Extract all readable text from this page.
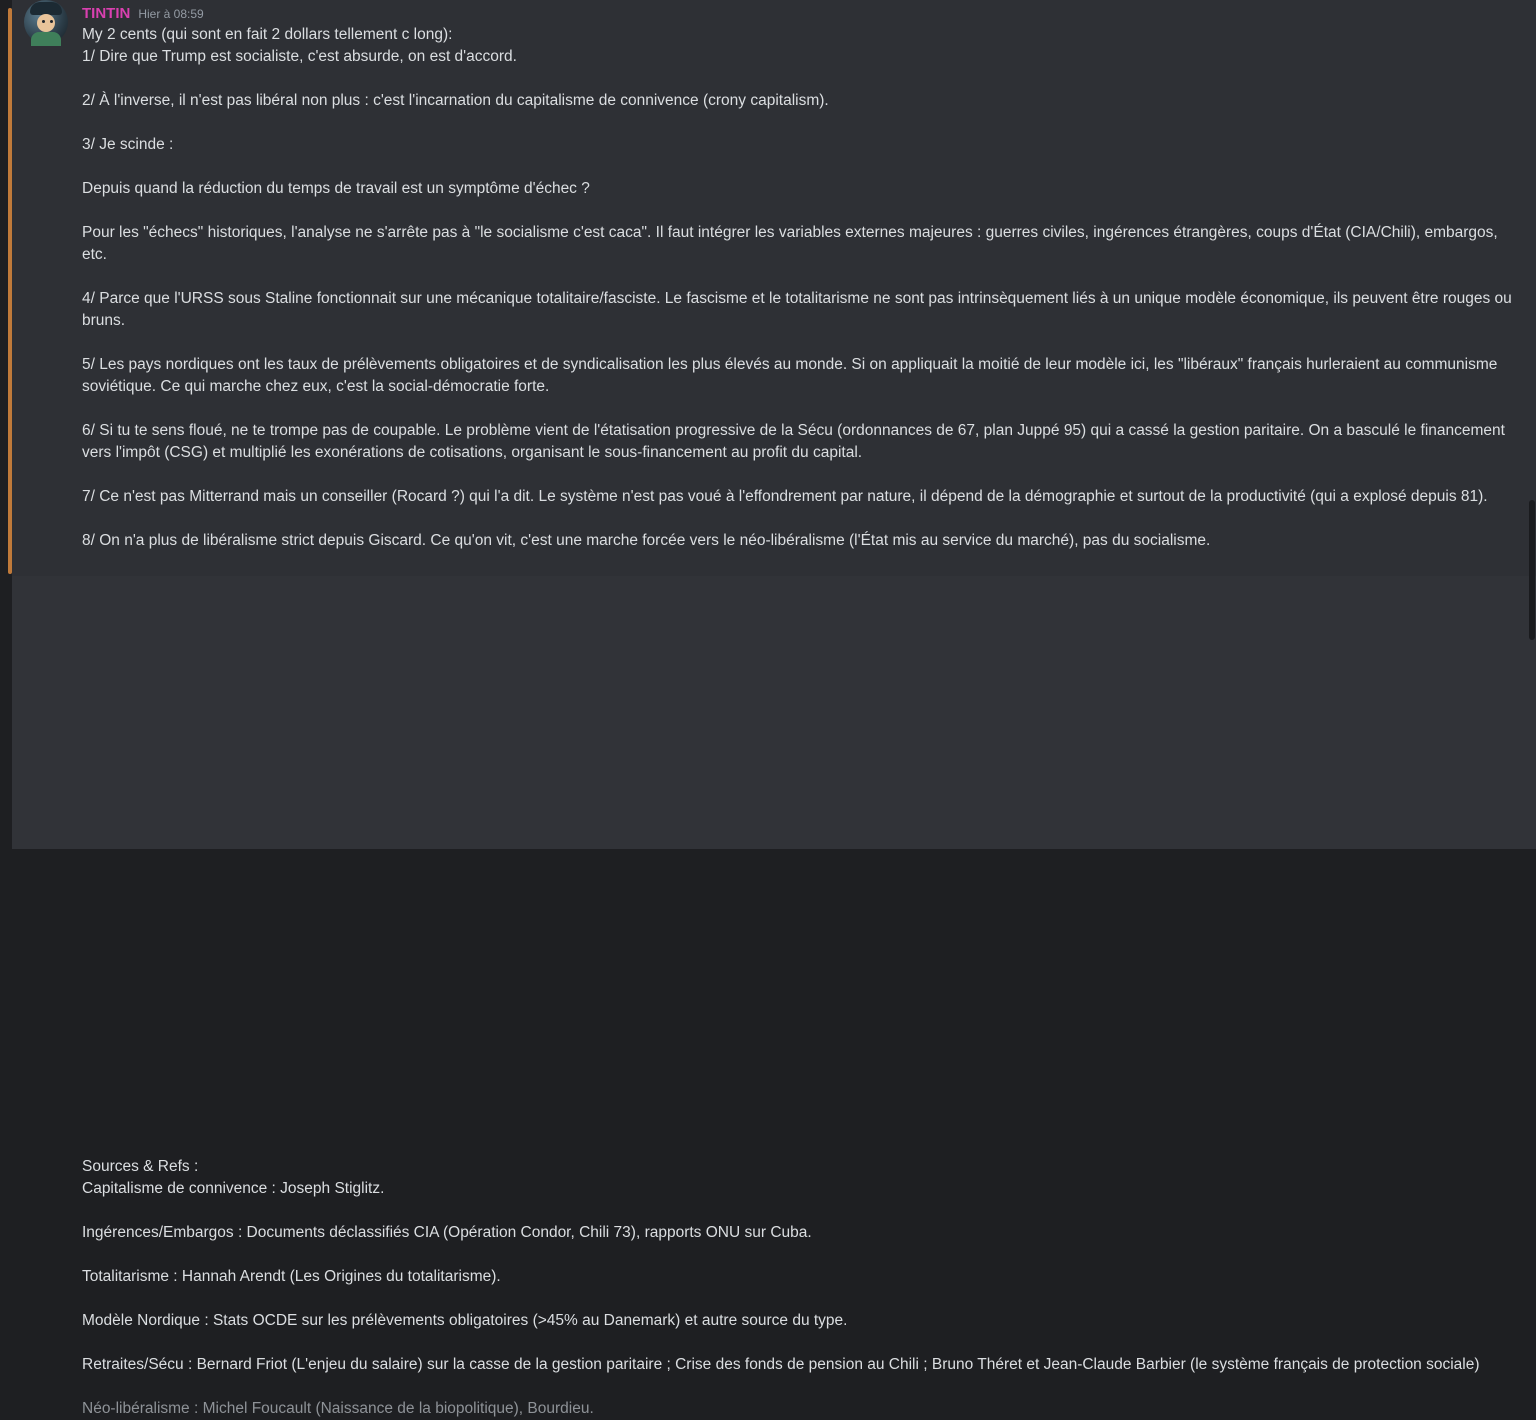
TINTIN Hier à 08:59

My 2 cents (qui sont en fait 2 dollars tellement c long):

1/ Dire que Trump est socialiste, c'est absurde, on est d'accord.

2/ À l'inverse, il n'est pas libéral non plus : c'est l'incarnation du capitalisme de connivence (crony capitalism).

3/ Je scinde :

Depuis quand la réduction du temps de travail est un symptôme d'échec ?

Pour les "échecs" historiques, l'analyse ne s'arrête pas à "le socialisme c'est caca". Il faut intégrer les variables externes majeures : guerres civiles, ingérences étrangères, coups d'État (CIA/Chili), embargos, etc.

4/ Parce que l'URSS sous Staline fonctionnait sur une mécanique totalitaire/fasciste. Le fascisme et le totalitarisme ne sont pas intrinsèquement liés à un unique modèle économique, ils peuvent être rouges ou bruns.

5/ Les pays nordiques ont les taux de prélèvements obligatoires et de syndicalisation les plus élevés au monde. Si on appliquait la moitié de leur modèle ici, les "libéraux" français hurleraient au communisme soviétique. Ce qui marche chez eux, c'est la social-démocratie forte.

6/ Si tu te sens floué, ne te trompe pas de coupable. Le problème vient de l'étatisation progressive de la Sécu (ordonnances de 67, plan Juppé 95) qui a cassé la gestion paritaire. On a basculé le financement vers l'impôt (CSG) et multiplié les exonérations de cotisations, organisant le sous-financement au profit du capital.

7/ Ce n'est pas Mitterrand mais un conseiller (Rocard ?) qui l'a dit. Le système n'est pas voué à l'effondrement par nature, il dépend de la démographie et surtout de la productivité (qui a explosé depuis 81).

8/ On n'a plus de libéralisme strict depuis Giscard. Ce qu'on vit, c'est une marche forcée vers le néo-libéralisme (l'État mis au service du marché), pas du socialisme.

Sources & Refs :

Capitalisme de connivence : Joseph Stiglitz.

Ingérences/Embargos : Documents déclassifiés CIA (Opération Condor, Chili 73), rapports ONU sur Cuba.

Totalitarisme : Hannah Arendt (Les Origines du totalitarisme).

Modèle Nordique : Stats OCDE sur les prélèvements obligatoires (>45% au Danemark) et autre source du type.

Retraites/Sécu : Bernard Friot (L'enjeu du salaire) sur la casse de la gestion paritaire ; Crise des fonds de pension au Chili ; Bruno Théret et Jean-Claude Barbier (le système français de protection sociale)

Néo-libéralisme : Michel Foucault (Naissance de la biopolitique), Bourdieu.
